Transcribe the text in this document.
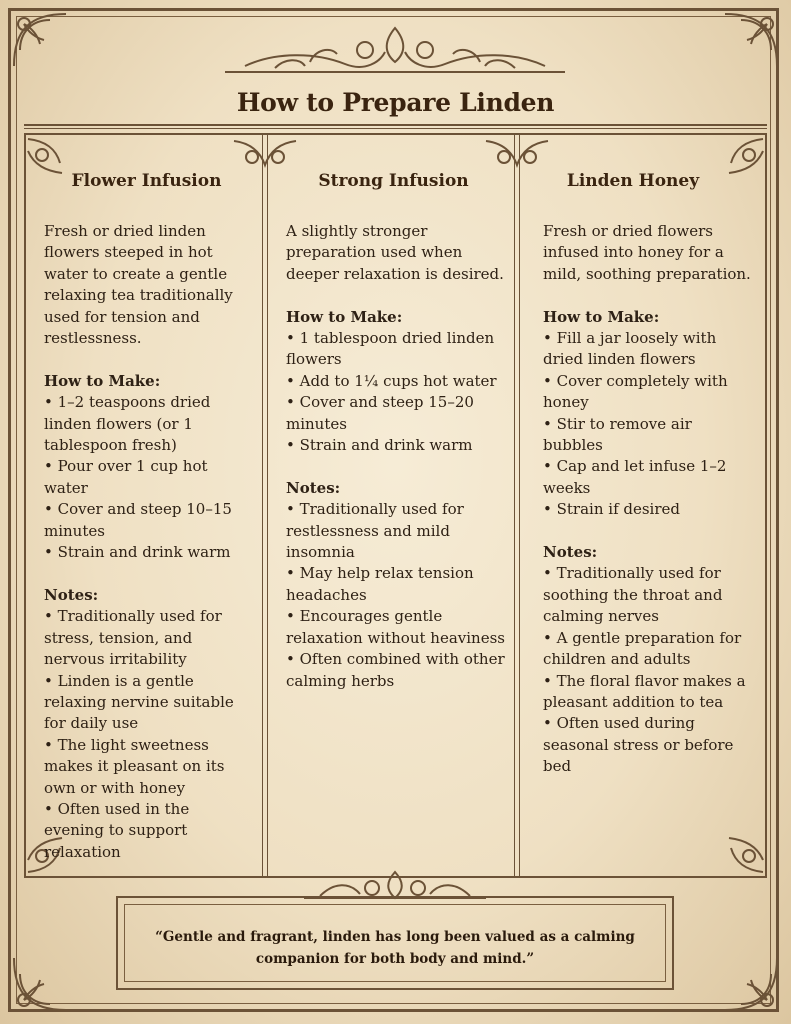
How to Prepare Linden
Flower Infusion

Fresh or dried linden flowers steeped in hot water to create a gentle relaxing tea traditionally used for tension and restlessness.

How to Make:
• 1–2 teaspoons dried linden flowers (or 1 tablespoon fresh)
• Pour over 1 cup hot water
• Cover and steep 10–15 minutes
• Strain and drink warm
Notes:
• Traditionally used for stress, tension, and nervous irritability
• Linden is a gentle relaxing nervine suitable for daily use
• The light sweetness makes it pleasant on its own or with honey
• Often used in the evening to support relaxation
Strong Infusion

A slightly stronger preparation used when deeper relaxation is desired.

How to Make:
• 1 tablespoon dried linden flowers
• Add to 1¼ cups hot water
• Cover and steep 15–20 minutes
• Strain and drink warm
Notes:
• Traditionally used for restlessness and mild insomnia
• May help relax tension headaches
• Encourages gentle relaxation without heaviness
• Often combined with other calming herbs
Linden Honey

Fresh or dried flowers infused into honey for a mild, soothing preparation.

How to Make:
• Fill a jar loosely with dried linden flowers
• Cover completely with honey
• Stir to remove air bubbles
• Cap and let infuse 1–2 weeks
• Strain if desired
Notes:
• Traditionally used for soothing the throat and calming nerves
• A gentle preparation for children and adults
• The floral flavor makes a pleasant addition to tea
• Often used during seasonal stress or before bed
“Gentle and fragrant, linden has long been valued as a calming companion for both body and mind.”
